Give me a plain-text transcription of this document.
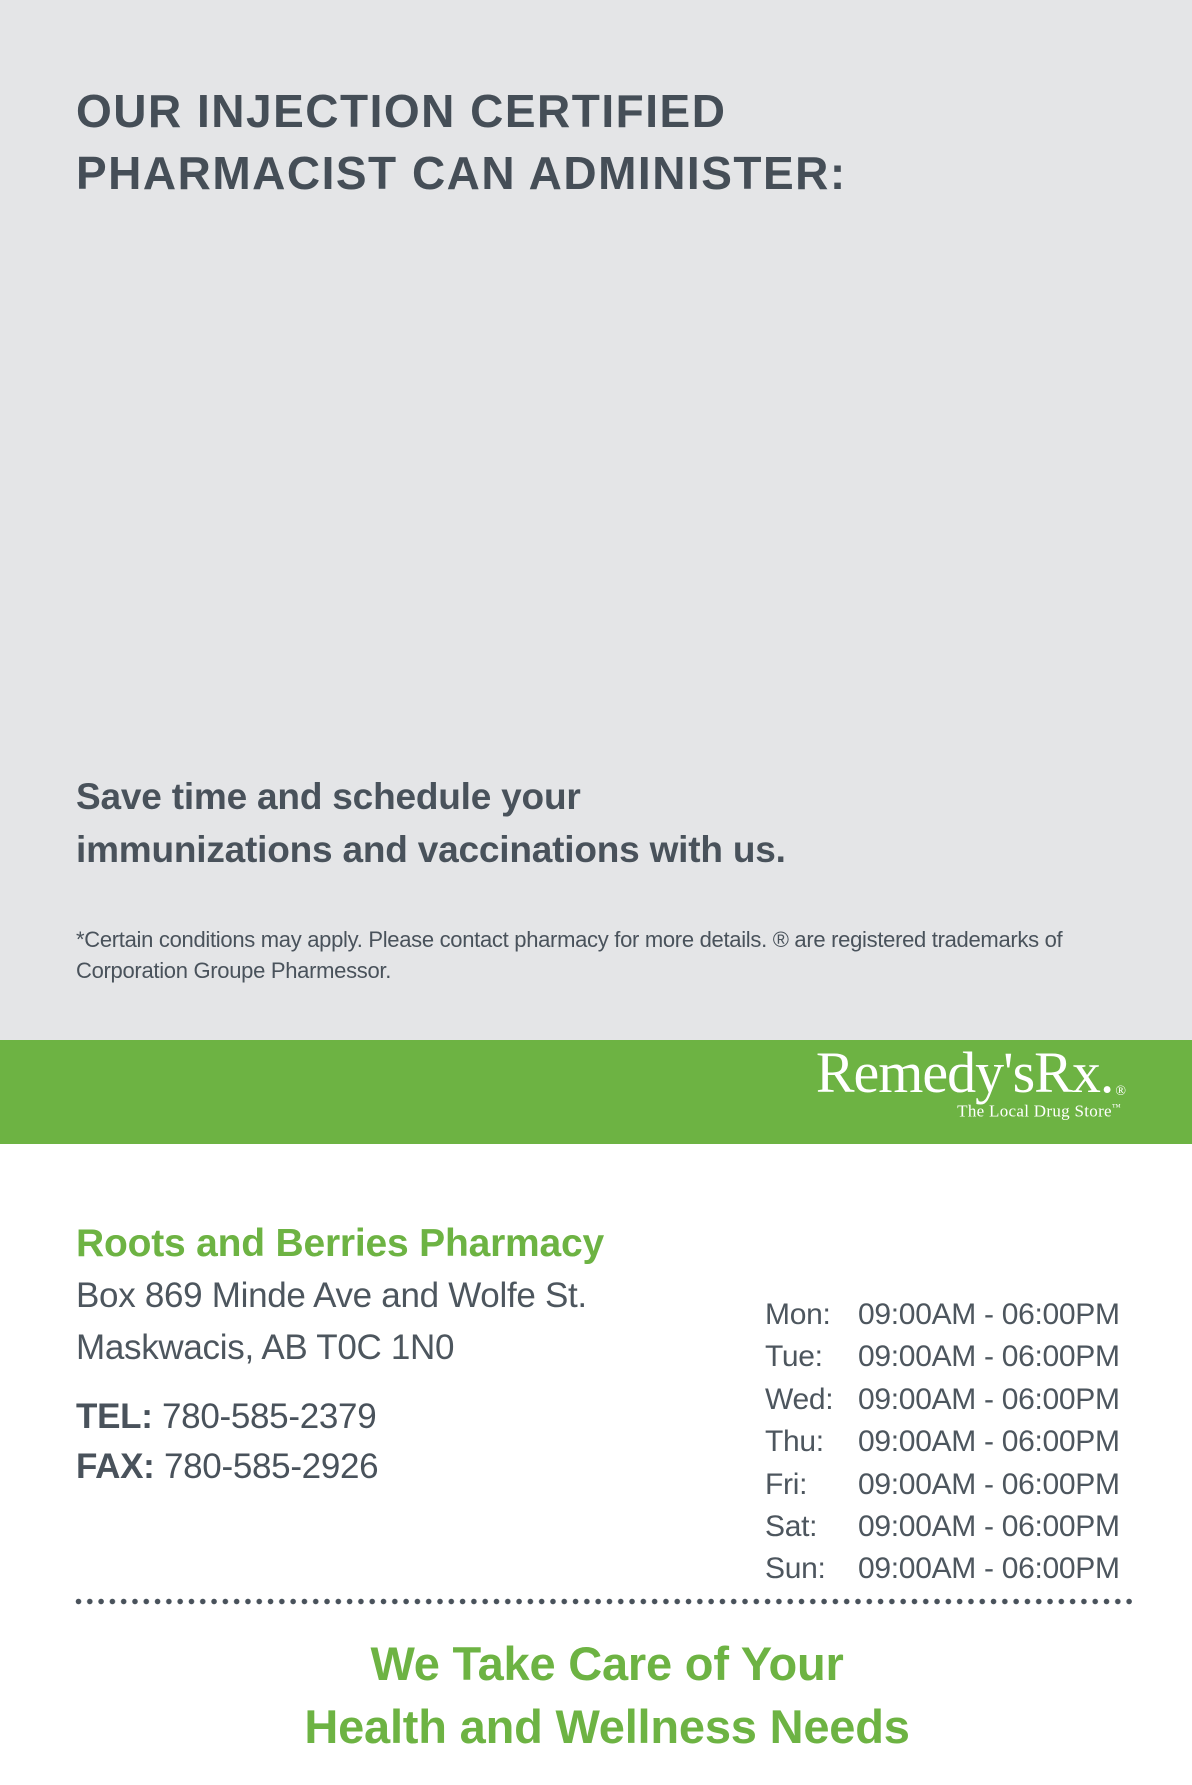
OUR INJECTION CERTIFIED
PHARMACIST CAN ADMINISTER:
Save time and schedule your
immunizations and vaccinations with us.
*Certain conditions may apply. Please contact pharmacy for more details. ® are registered trademarks of
Corporation Groupe Pharmessor.
Remedy'sRx. ®
The Local Drug Store™
Roots and Berries Pharmacy
Box 869 Minde Ave and Wolfe St.
Maskwacis, AB T0C 1N0
TEL: 780-585-2379
FAX: 780-585-2926
Mon: 09:00AM - 06:00PM
Tue: 09:00AM - 06:00PM
Wed: 09:00AM - 06:00PM
Thu: 09:00AM - 06:00PM
Fri: 09:00AM - 06:00PM
Sat: 09:00AM - 06:00PM
Sun: 09:00AM - 06:00PM
We Take Care of Your
Health and Wellness Needs
